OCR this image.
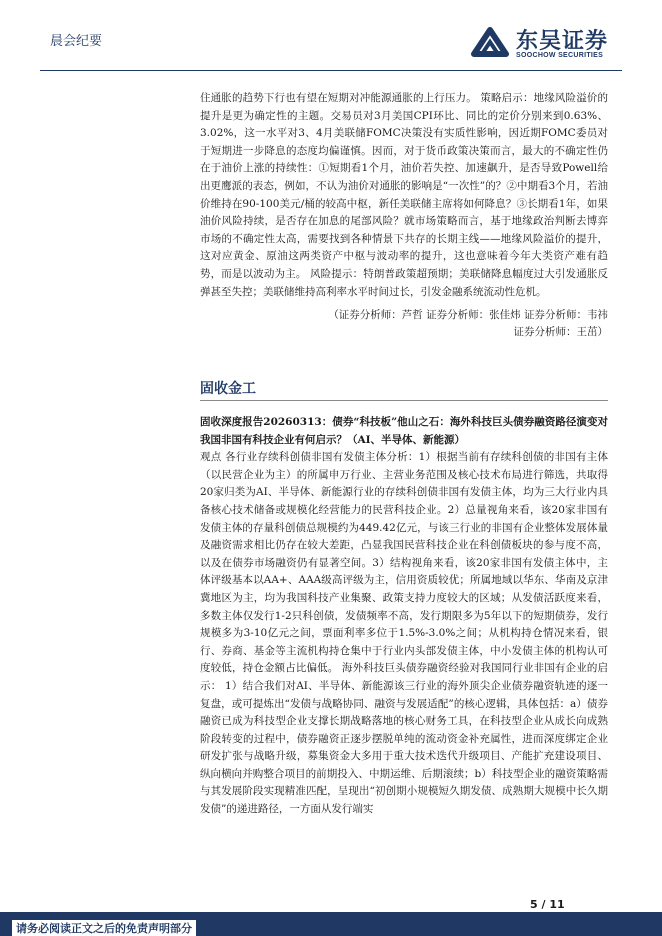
晨会纪要	东吴证券
SOOCHOW SECURITIES

住通胀的趋势下行也有望在短期对冲能源通胀的上行压力。 策略启示：地缘风险溢价的提升是更为确定性的主题。交易员对3月美国CPI环比、同比的定价分别来到0.63%、3.02%，这一水平对3、4月美联储FOMC决策没有实质性影响，因近期FOMC委员对于短期进一步降息的态度均偏谨慎。因而，对于货币政策决策而言，最大的不确定性仍在于油价上涨的持续性：①短期看1个月，油价若失控、加速飙升，是否导致Powell给出更鹰派的表态，例如，不认为油价对通胀的影响是“一次性”的？②中期看3个月，若油价维持在90-100美元/桶的较高中枢，新任美联储主席将如何降息？③长期看1年，如果油价风险持续，是否存在加息的尾部风险？就市场策略而言，基于地缘政治判断去博弈市场的不确定性太高，需要找到各种情景下共存的长期主线——地缘风险溢价的提升，这对应黄金、原油这两类资产中枢与波动率的提升，这也意味着今年大类资产难有趋势，而是以波动为主。 风险提示：特朗普政策超预期；美联储降息幅度过大引发通胀反弹甚至失控；美联储维持高利率水平时间过长，引发金融系统流动性危机。

（证券分析师：芦哲 证券分析师：张佳炜 证券分析师：韦祎
证券分析师：王茁）
固收金工

固收深度报告20260313：债券“科技板”他山之石：海外科技巨头债券融资路径演变对我国非国有科技企业有何启示？（AI、半导体、新能源）

观点 各行业存续科创债非国有发债主体分析：1）根据当前有存续科创债的非国有主体（以民营企业为主）的所属申万行业、主营业务范围及核心技术布局进行筛选，共取得20家归类为AI、半导体、新能源行业的存续科创债非国有发债主体，均为三大行业内具备核心技术储备或规模化经营能力的民营科技企业。2）总量视角来看，该20家非国有发债主体的存量科创债总规模约为449.42亿元，与该三行业的非国有企业整体发展体量及融资需求相比仍存在较大差距，凸显我国民营科技企业在科创债板块的参与度不高，以及在债券市场融资仍有显著空间。3）结构视角来看，该20家非国有发债主体中，主体评级基本以AA+、AAA级高评级为主，信用资质较优；所属地域以华东、华南及京津冀地区为主，均为我国科技产业集聚、政策支持力度较大的区域；从发债活跃度来看，多数主体仅发行1-2只科创债，发债频率不高，发行期限多为5年以下的短期债券，发行规模多为3-10亿元之间，票面利率多位于1.5%-3.0%之间；从机构持仓情况来看，银行、券商、基金等主流机构持仓集中于行业内头部发债主体，中小发债主体的机构认可度较低，持仓金额占比偏低。 海外科技巨头债券融资经验对我国同行业非国有企业的启示： 1）结合我们对AI、半导体、新能源该三行业的海外顶尖企业债券融资轨迹的逐一复盘，或可提炼出“发债与战略协同、融资与发展适配”的核心逻辑，具体包括：a）债券融资已成为科技型企业支撑长期战略落地的核心财务工具，在科技型企业从成长向成熟阶段转变的过程中，债券融资正逐步摆脱单纯的流动资金补充属性，进而深度绑定企业研发扩张与战略升级，募集资金大多用于重大技术迭代升级项目、产能扩充建设项目、纵向横向并购整合项目的前期投入、中期运维、后期滚续；b）科技型企业的融资策略需与其发展阶段实现精准匹配，呈现出“初创期小规模短久期发债、成熟期大规模中长久期发债”的递进路径，一方面从发行端实

5 / 11
请务必阅读正文之后的免责声明部分
